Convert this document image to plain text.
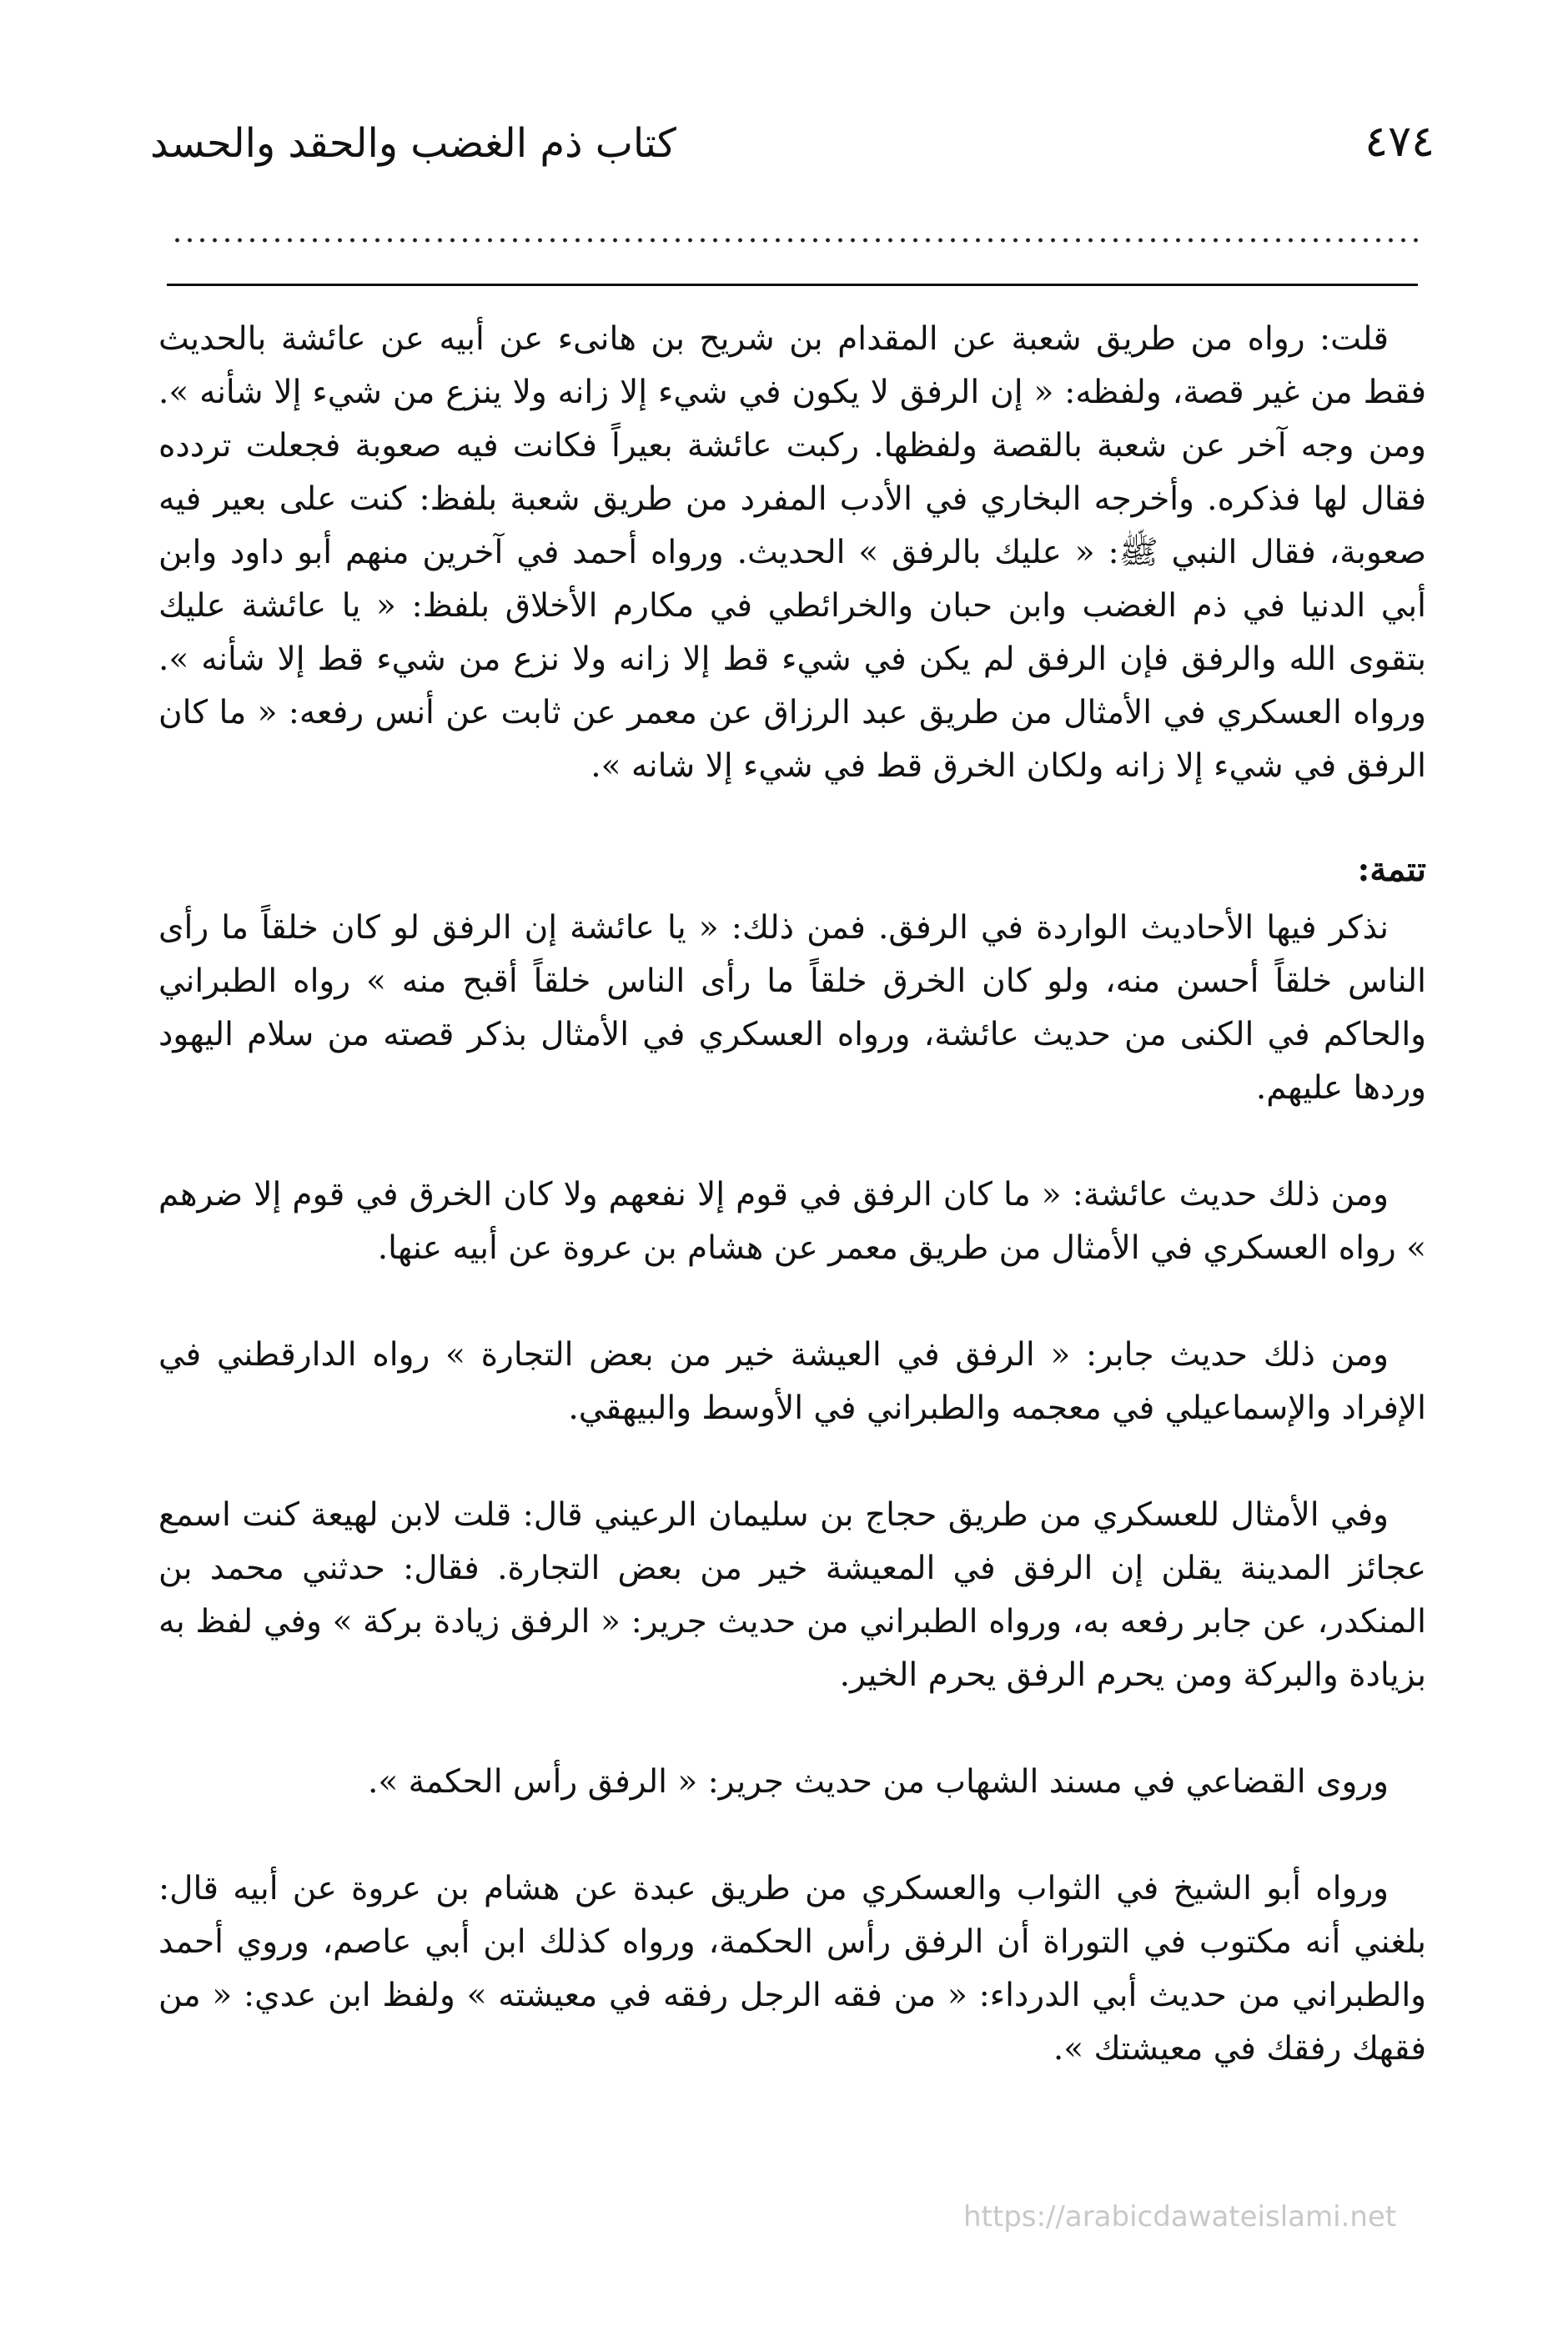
٤٧٤
كتاب ذم الغضب والحقد والحسد

قلت: رواه من طريق شعبة عن المقدام بن شريح بن هانىء عن أبيه عن عائشة بالحديث فقط من غير قصة، ولفظه: « إن الرفق لا يكون في شيء إلا زانه ولا ينزع من شيء إلا شأنه ». ومن وجه آخر عن شعبة بالقصة ولفظها. ركبت عائشة بعيراً فكانت فيه صعوبة فجعلت تردده فقال لها فذكره. وأخرجه البخاري في الأدب المفرد من طريق شعبة بلفظ: كنت على بعير فيه صعوبة، فقال النبي ﷺ: « عليك بالرفق » الحديث. ورواه أحمد في آخرين منهم أبو داود وابن أبي الدنيا في ذم الغضب وابن حبان والخرائطي في مكارم الأخلاق بلفظ: « يا عائشة عليك بتقوى الله والرفق فإن الرفق لم يكن في شيء قط إلا زانه ولا نزع من شيء قط إلا شأنه ». ورواه العسكري في الأمثال من طريق عبد الرزاق عن معمر عن ثابت عن أنس رفعه: « ما كان الرفق في شيء إلا زانه ولكان الخرق قط في شيء إلا شانه ».

تتمة:

نذكر فيها الأحاديث الواردة في الرفق. فمن ذلك: « يا عائشة إن الرفق لو كان خلقاً ما رأى الناس خلقاً أحسن منه، ولو كان الخرق خلقاً ما رأى الناس خلقاً أقبح منه » رواه الطبراني والحاكم في الكنى من حديث عائشة، ورواه العسكري في الأمثال بذكر قصته من سلام اليهود وردها عليهم.

ومن ذلك حديث عائشة: « ما كان الرفق في قوم إلا نفعهم ولا كان الخرق في قوم إلا ضرهم » رواه العسكري في الأمثال من طريق معمر عن هشام بن عروة عن أبيه عنها.

ومن ذلك حديث جابر: « الرفق في العيشة خير من بعض التجارة » رواه الدارقطني في الإفراد والإسماعيلي في معجمه والطبراني في الأوسط والبيهقي.

وفي الأمثال للعسكري من طريق حجاج بن سليمان الرعيني قال: قلت لابن لهيعة كنت اسمع عجائز المدينة يقلن إن الرفق في المعيشة خير من بعض التجارة. فقال: حدثني محمد بن المنكدر، عن جابر رفعه به، ورواه الطبراني من حديث جرير: « الرفق زيادة بركة » وفي لفظ به بزيادة والبركة ومن يحرم الرفق يحرم الخير.

وروى القضاعي في مسند الشهاب من حديث جرير: « الرفق رأس الحكمة ».

ورواه أبو الشيخ في الثواب والعسكري من طريق عبدة عن هشام بن عروة عن أبيه قال: بلغني أنه مكتوب في التوراة أن الرفق رأس الحكمة، ورواه كذلك ابن أبي عاصم، وروي أحمد والطبراني من حديث أبي الدرداء: « من فقه الرجل رفقه في معيشته » ولفظ ابن عدي: « من فقهك رفقك في معيشتك ».

https://arabicdawateislami.net
